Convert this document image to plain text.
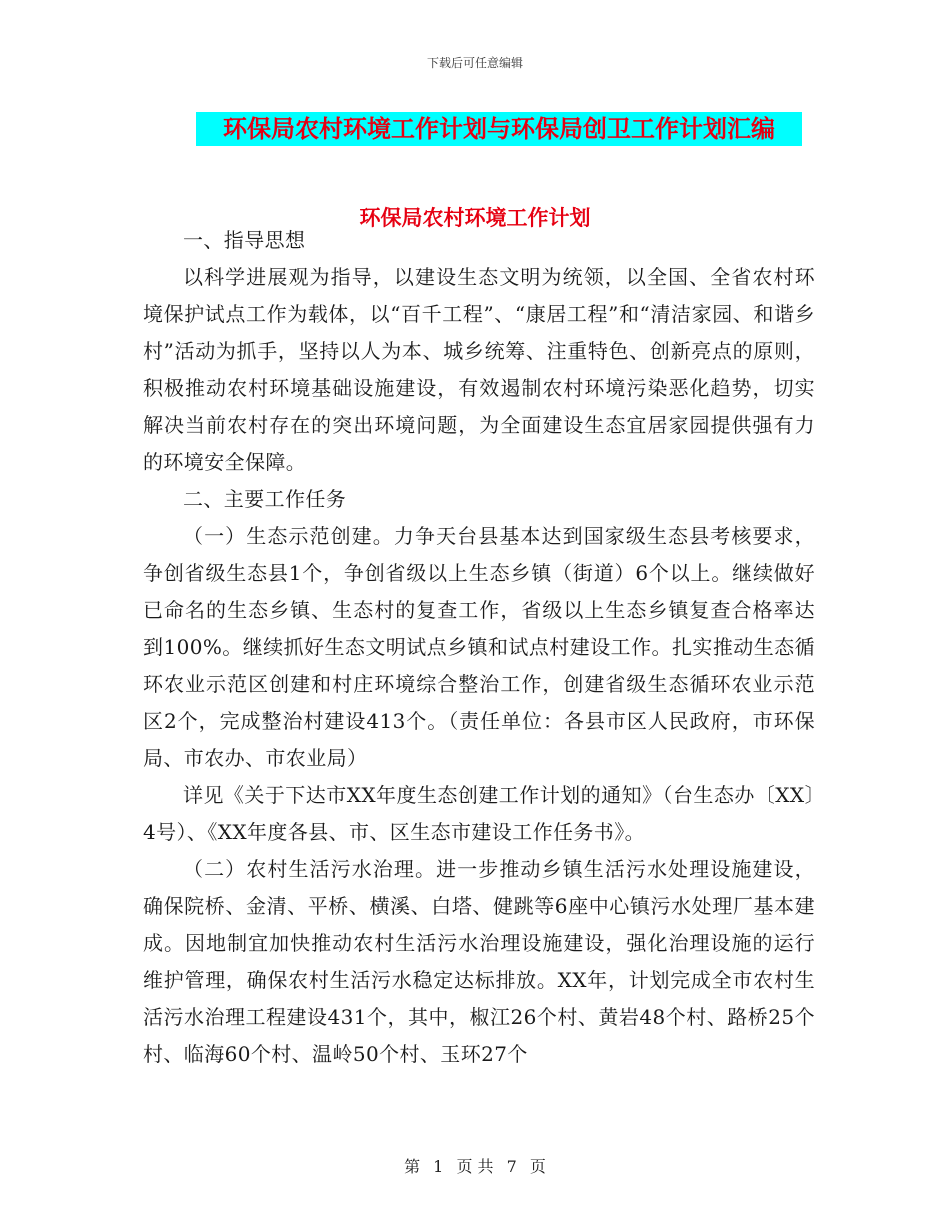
下载后可任意编辑
环保局农村环境工作计划与环保局创卫工作计划汇编
环保局农村环境工作计划

一、指导思想

以科学进展观为指导，以建设生态文明为统领，以全国、全省农村环境保护试点工作为载体，以“百千工程”、“康居工程”和“清洁家园、和谐乡村”活动为抓手，坚持以人为本、城乡统筹、注重特色、创新亮点的原则，积极推动农村环境基础设施建设，有效遏制农村环境污染恶化趋势，切实解决当前农村存在的突出环境问题，为全面建设生态宜居家园提供强有力的环境安全保障。

二、主要工作任务

（一）生态示范创建。力争天台县基本达到国家级生态县考核要求，争创省级生态县1个，争创省级以上生态乡镇（街道）6个以上。继续做好已命名的生态乡镇、生态村的复查工作，省级以上生态乡镇复查合格率达到100%。继续抓好生态文明试点乡镇和试点村建设工作。扎实推动生态循环农业示范区创建和村庄环境综合整治工作，创建省级生态循环农业示范区2个，完成整治村建设413个。（责任单位：各县市区人民政府，市环保局、市农办、市农业局）

详见《关于下达市XX年度生态创建工作计划的通知》（台生态办〔XX〕4号）、《XX年度各县、市、区生态市建设工作任务书》。

（二）农村生活污水治理。进一步推动乡镇生活污水处理设施建设，确保院桥、金清、平桥、横溪、白塔、健跳等6座中心镇污水处理厂基本建成。因地制宜加快推动农村生活污水治理设施建设，强化治理设施的运行维护管理，确保农村生活污水稳定达标排放。XX年，计划完成全市农村生活污水治理工程建设431个，其中，椒江26个村、黄岩48个村、路桥25个村、临海60个村、温岭50个村、玉环27个

第 1 页 共 7 页
